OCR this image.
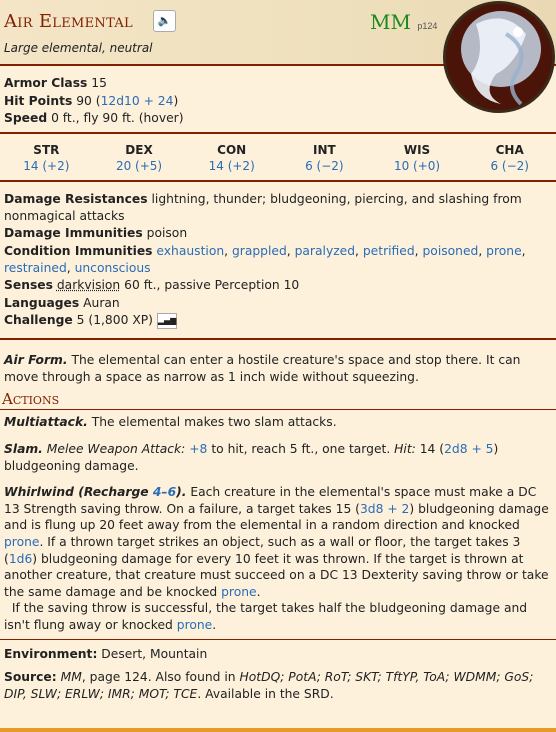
Air Elemental	🔈	MM p124
Large elemental, neutral
Armor Class 15
Hit Points 90 (12d10 + 24)
Speed 0 ft., fly 90 ft. (hover)
STR
14 (+2)
DEX
20 (+5)
CON
14 (+2)
INT
6 (−2)
WIS
10 (+0)
CHA
6 (−2)
Damage Resistances lightning, thunder; bludgeoning, piercing, and slashing from nonmagical attacks
Damage Immunities poison
Condition Immunities exhaustion, grappled, paralyzed, petrified, poisoned, prone, restrained, unconscious
Senses darkvision 60 ft., passive Perception 10
Languages Auran
Challenge 5 (1,800 XP) ▂▄▆

Air Form. The elemental can enter a hostile creature's space and stop there. It can move through a space as narrow as 1 inch wide without squeezing.

Actions

Multiattack. The elemental makes two slam attacks.

Slam. Melee Weapon Attack: +8 to hit, reach 5 ft., one target. Hit: 14 (2d8 + 5) bludgeoning damage.

Whirlwind (Recharge 4–6). Each creature in the elemental's space must make a DC 13 Strength saving throw. On a failure, a target takes 15 (3d8 + 2) bludgeoning damage and is flung up 20 feet away from the elemental in a random direction and knocked prone. If a thrown target strikes an object, such as a wall or floor, the target takes 3 (1d6) bludgeoning damage for every 10 feet it was thrown. If the target is thrown at another creature, that creature must succeed on a DC 13 Dexterity saving throw or take the same damage and be knocked prone.
If the saving throw is successful, the target takes half the bludgeoning damage and isn't flung away or knocked prone.

Environment: Desert, Mountain

Source: MM, page 124. Also found in HotDQ; PotA; RoT; SKT; TftYP, ToA; WDMM; GoS; DIP, SLW; ERLW; IMR; MOT; TCE. Available in the SRD.
